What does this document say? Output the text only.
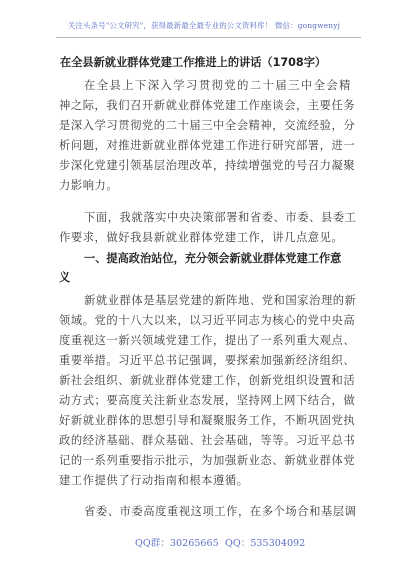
关注头条号"公文研究"，获得最新最全最专业的公文资料库！ 微信：gongwenyj
在全县新就业群体党建工作推进上的讲话（1708字）
在全县上下深入学习贯彻党的二十届三中全会精
神之际，我们召开新就业群体党建工作座谈会，主要任务
是深入学习贯彻党的二十届三中全会精神，交流经验，分
析问题，对推进新就业群体党建工作进行研究部署，进一
步深化党建引领基层治理改革，持续增强党的号召力凝聚
力影响力。
下面，我就落实中央决策部署和省委、市委、县委工
作要求，做好我县新就业群体党建工作，讲几点意见。
一、提高政治站位，充分领会新就业群体党建工作意
义
新就业群体是基层党建的新阵地、党和国家治理的新
领域。党的十八大以来，以习近平同志为核心的党中央高
度重视这一新兴领域党建工作，提出了一系列重大观点、
重要举措。习近平总书记强调，要探索加强新经济组织、
新社会组织、新就业群体党建工作，创新党组织设置和活
动方式；要高度关注新业态发展，坚持网上网下结合，做
好新就业群体的思想引导和凝聚服务工作，不断巩固党执
政的经济基础、群众基础、社会基础，等等。习近平总书
记的一系列重要指示批示，为加强新业态、新就业群体党
建工作提供了行动指南和根本遵循。
省委、市委高度重视这项工作，在多个场合和基层调
QQ群：30265665 QQ：535304092
